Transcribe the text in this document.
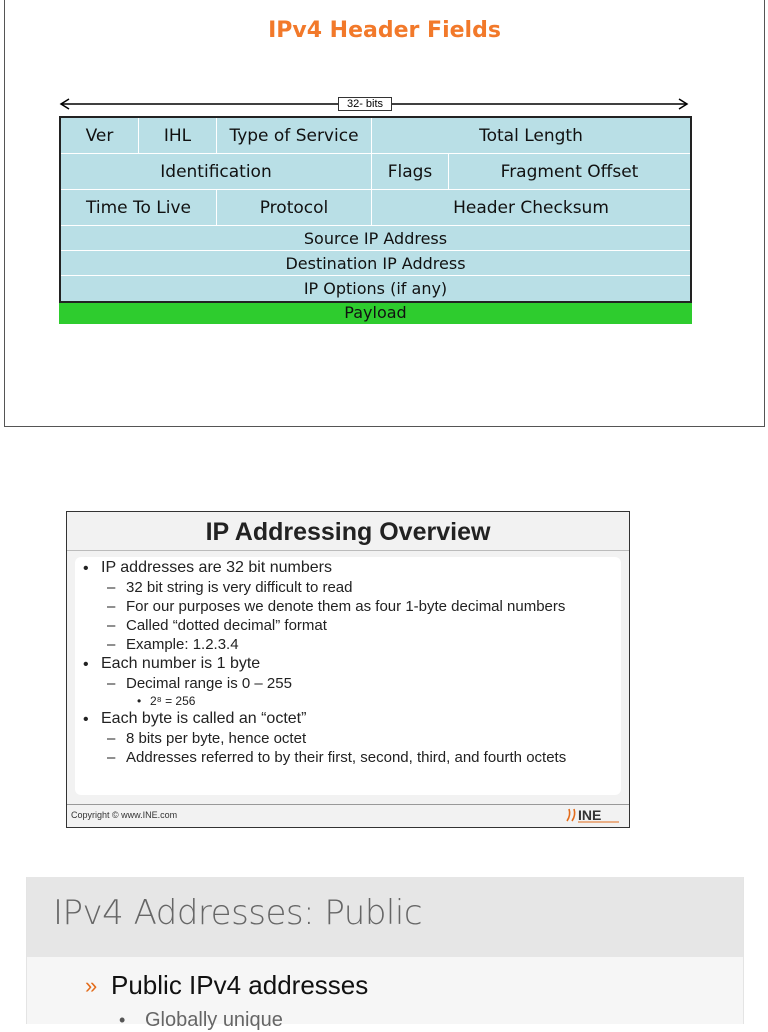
IPv4 Header Fields
32- bits
Ver	IHL	Type of Service	Total Length
Identification	Flags	Fragment Offset
Time To Live	Protocol	Header Checksum
Source IP Address
Destination IP Address
IP Options (if any)
Payload
IP Addressing Overview
• IP addresses are 32 bit numbers
– 32 bit string is very difficult to read
– For our purposes we denote them as four 1-byte decimal numbers
– Called “dotted decimal” format
– Example: 1.2.3.4
• Each number is 1 byte
– Decimal range is 0 – 255
• 2⁸ = 256
• Each byte is called an “octet”
– 8 bits per byte, hence octet
– Addresses referred to by their first, second, third, and fourth octets
Copyright © www.INE.com	INE
IPv4 Addresses: Public
» Public IPv4 addresses
• Globally unique
